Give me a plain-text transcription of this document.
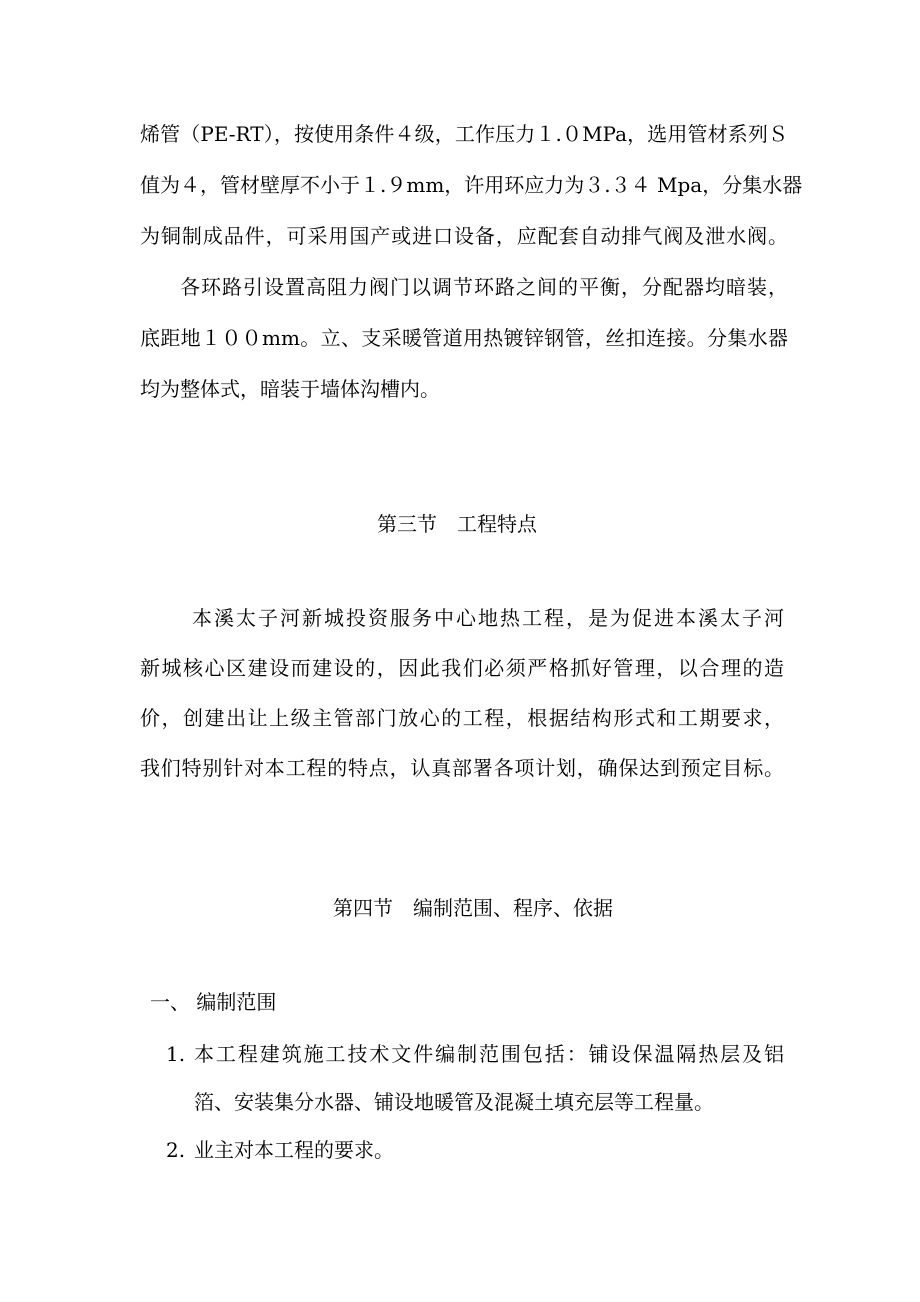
烯管（PE-RT），按使用条件４级，工作压力１.０MPa，选用管材系列Ｓ
值为４，管材壁厚不小于１.９mm，许用环应力为３.３４ Mpa，分集水器
为铜制成品件，可采用国产或进口设备，应配套自动排气阀及泄水阀。
各环路引设置高阻力阀门以调节环路之间的平衡，分配器均暗装，
底距地１００mm。立、支采暖管道用热镀锌钢管，丝扣连接。分集水器
均为整体式，暗装于墙体沟槽内。
第三节　工程特点
本溪太子河新城投资服务中心地热工程，是为促进本溪太子河
新城核心区建设而建设的，因此我们必须严格抓好管理，以合理的造
价，创建出让上级主管部门放心的工程，根据结构形式和工期要求，
我们特别针对本工程的特点，认真部署各项计划，确保达到预定目标。
第四节　编制范围、程序、依据
一、 编制范围
1. 本工程建筑施工技术文件编制范围包括：铺设保温隔热层及铝
箔、安装集分水器、铺设地暖管及混凝土填充层等工程量。
2. 业主对本工程的要求。
